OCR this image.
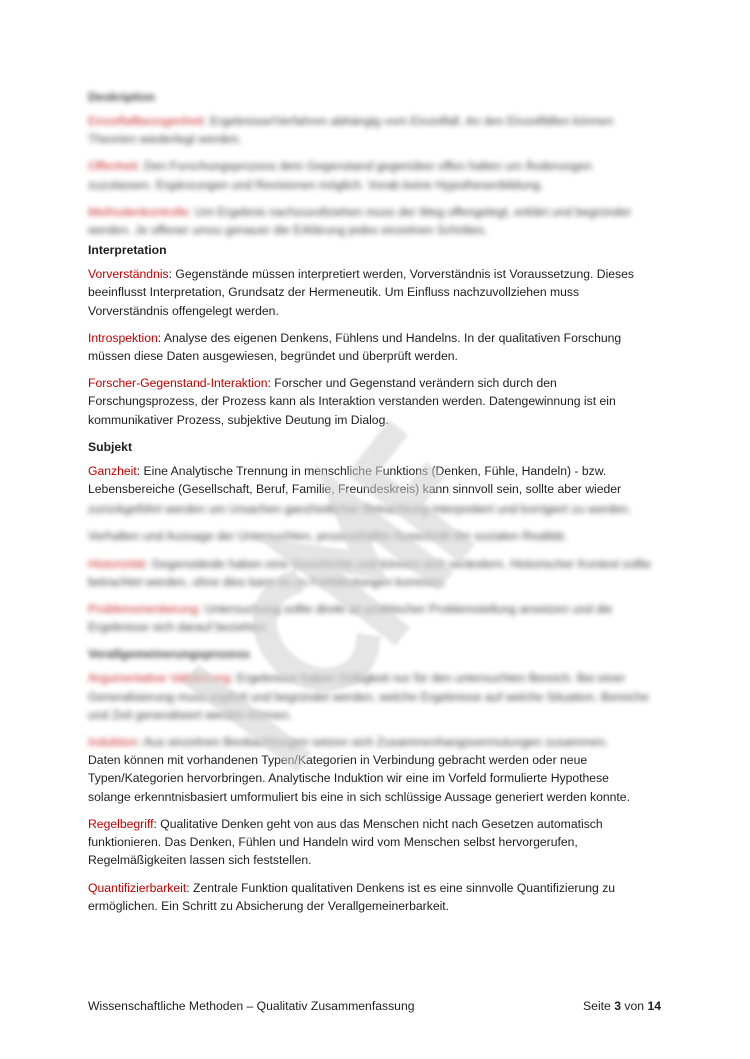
Deskription

Einzelfallbezogenheit: Ergebnisse/Verfahren abhängig vom Einzelfall. An den Einzelfällen können Theorien wiederlegt werden.

Offenheit: Den Forschungsprozess dem Gegenstand gegenüber offen halten um Änderungen zuzulassen. Ergänzungen und Revisionen möglich. Vorab keine Hypothesenbildung.

Methodenkontrolle: Um Ergebnis nachzuvollziehen muss der Weg offengelegt, erklärt und begründet werden. Je offener umso genauer die Erklärung jedes einzelnen Schrittes.

Interpretation

Vorverständnis: Gegenstände müssen interpretiert werden, Vorverständnis ist Voraussetzung. Dieses beeinflusst Interpretation, Grundsatz der Hermeneutik. Um Einfluss nachzuvollziehen muss Vorverständnis offengelegt werden.

Introspektion: Analyse des eigenen Denkens, Fühlens und Handelns. In der qualitativen Forschung müssen diese Daten ausgewiesen, begründet und überprüft werden.

Forscher-Gegenstand-Interaktion: Forscher und Gegenstand verändern sich durch den Forschungsprozess, der Prozess kann als Interaktion verstanden werden. Datengewinnung ist ein kommunikativer Prozess, subjektive Deutung im Dialog.

Subjekt

Ganzheit: Eine Analytische Trennung in menschliche Funktions (Denken, Fühle, Handeln) - bzw. Lebensbereiche (Gesellschaft, Beruf, Familie, Freundeskreis) kann sinnvoll sein, sollte aber wieder

zurückgeführt werden um Ursachen ganzheitlicher Betrachtung interpretiert und korrigiert zu werden.

Verhalten und Aussage der Untersuchten, prozesshafter Ausschnitt der sozialen Realität.

Historizität: Gegenstände haben eine Geschichte und können sich verändern. Historischer Kontext sollte betrachtet werden, ohne dies kann es zu Fehldeutungen kommen.

Problemorientierung: Untersuchung sollte direkt an praktischer Problemstellung ansetzen und die Ergebnisse sich darauf beziehen.

Verallgemeinerungsprozess

Argumentative Validierung: Ergebnisse haben Gültigkeit nur für den untersuchten Bereich. Bei einer Generalisierung muss explizit und begründet werden, welche Ergebnisse auf welche Situation, Bereiche und Zeit generalisiert werden können.

Induktion: Aus einzelnen Beobachtungen setzen sich Zusammenhangsvermutungen zusammen.

Daten können mit vorhandenen Typen/Kategorien in Verbindung gebracht werden oder neue Typen/Kategorien hervorbringen. Analytische Induktion wir eine im Vorfeld formulierte Hypothese solange erkenntnisbasiert umformuliert bis eine in sich schlüssige Aussage generiert werden konnte.

Regelbegriff: Qualitative Denken geht von aus das Menschen nicht nach Gesetzen automatisch funktionieren. Das Denken, Fühlen und Handeln wird vom Menschen selbst hervorgerufen, Regelmäßigkeiten lassen sich feststellen.

Quantifizierbarkeit: Zentrale Funktion qualitativen Denkens ist es eine sinnvolle Quantifizierung zu ermöglichen. Ein Schritt zu Absicherung der Verallgemeinerbarkeit.

Wissenschaftliche Methoden – Qualitativ Zusammenfassung	Seite 3 von 14
